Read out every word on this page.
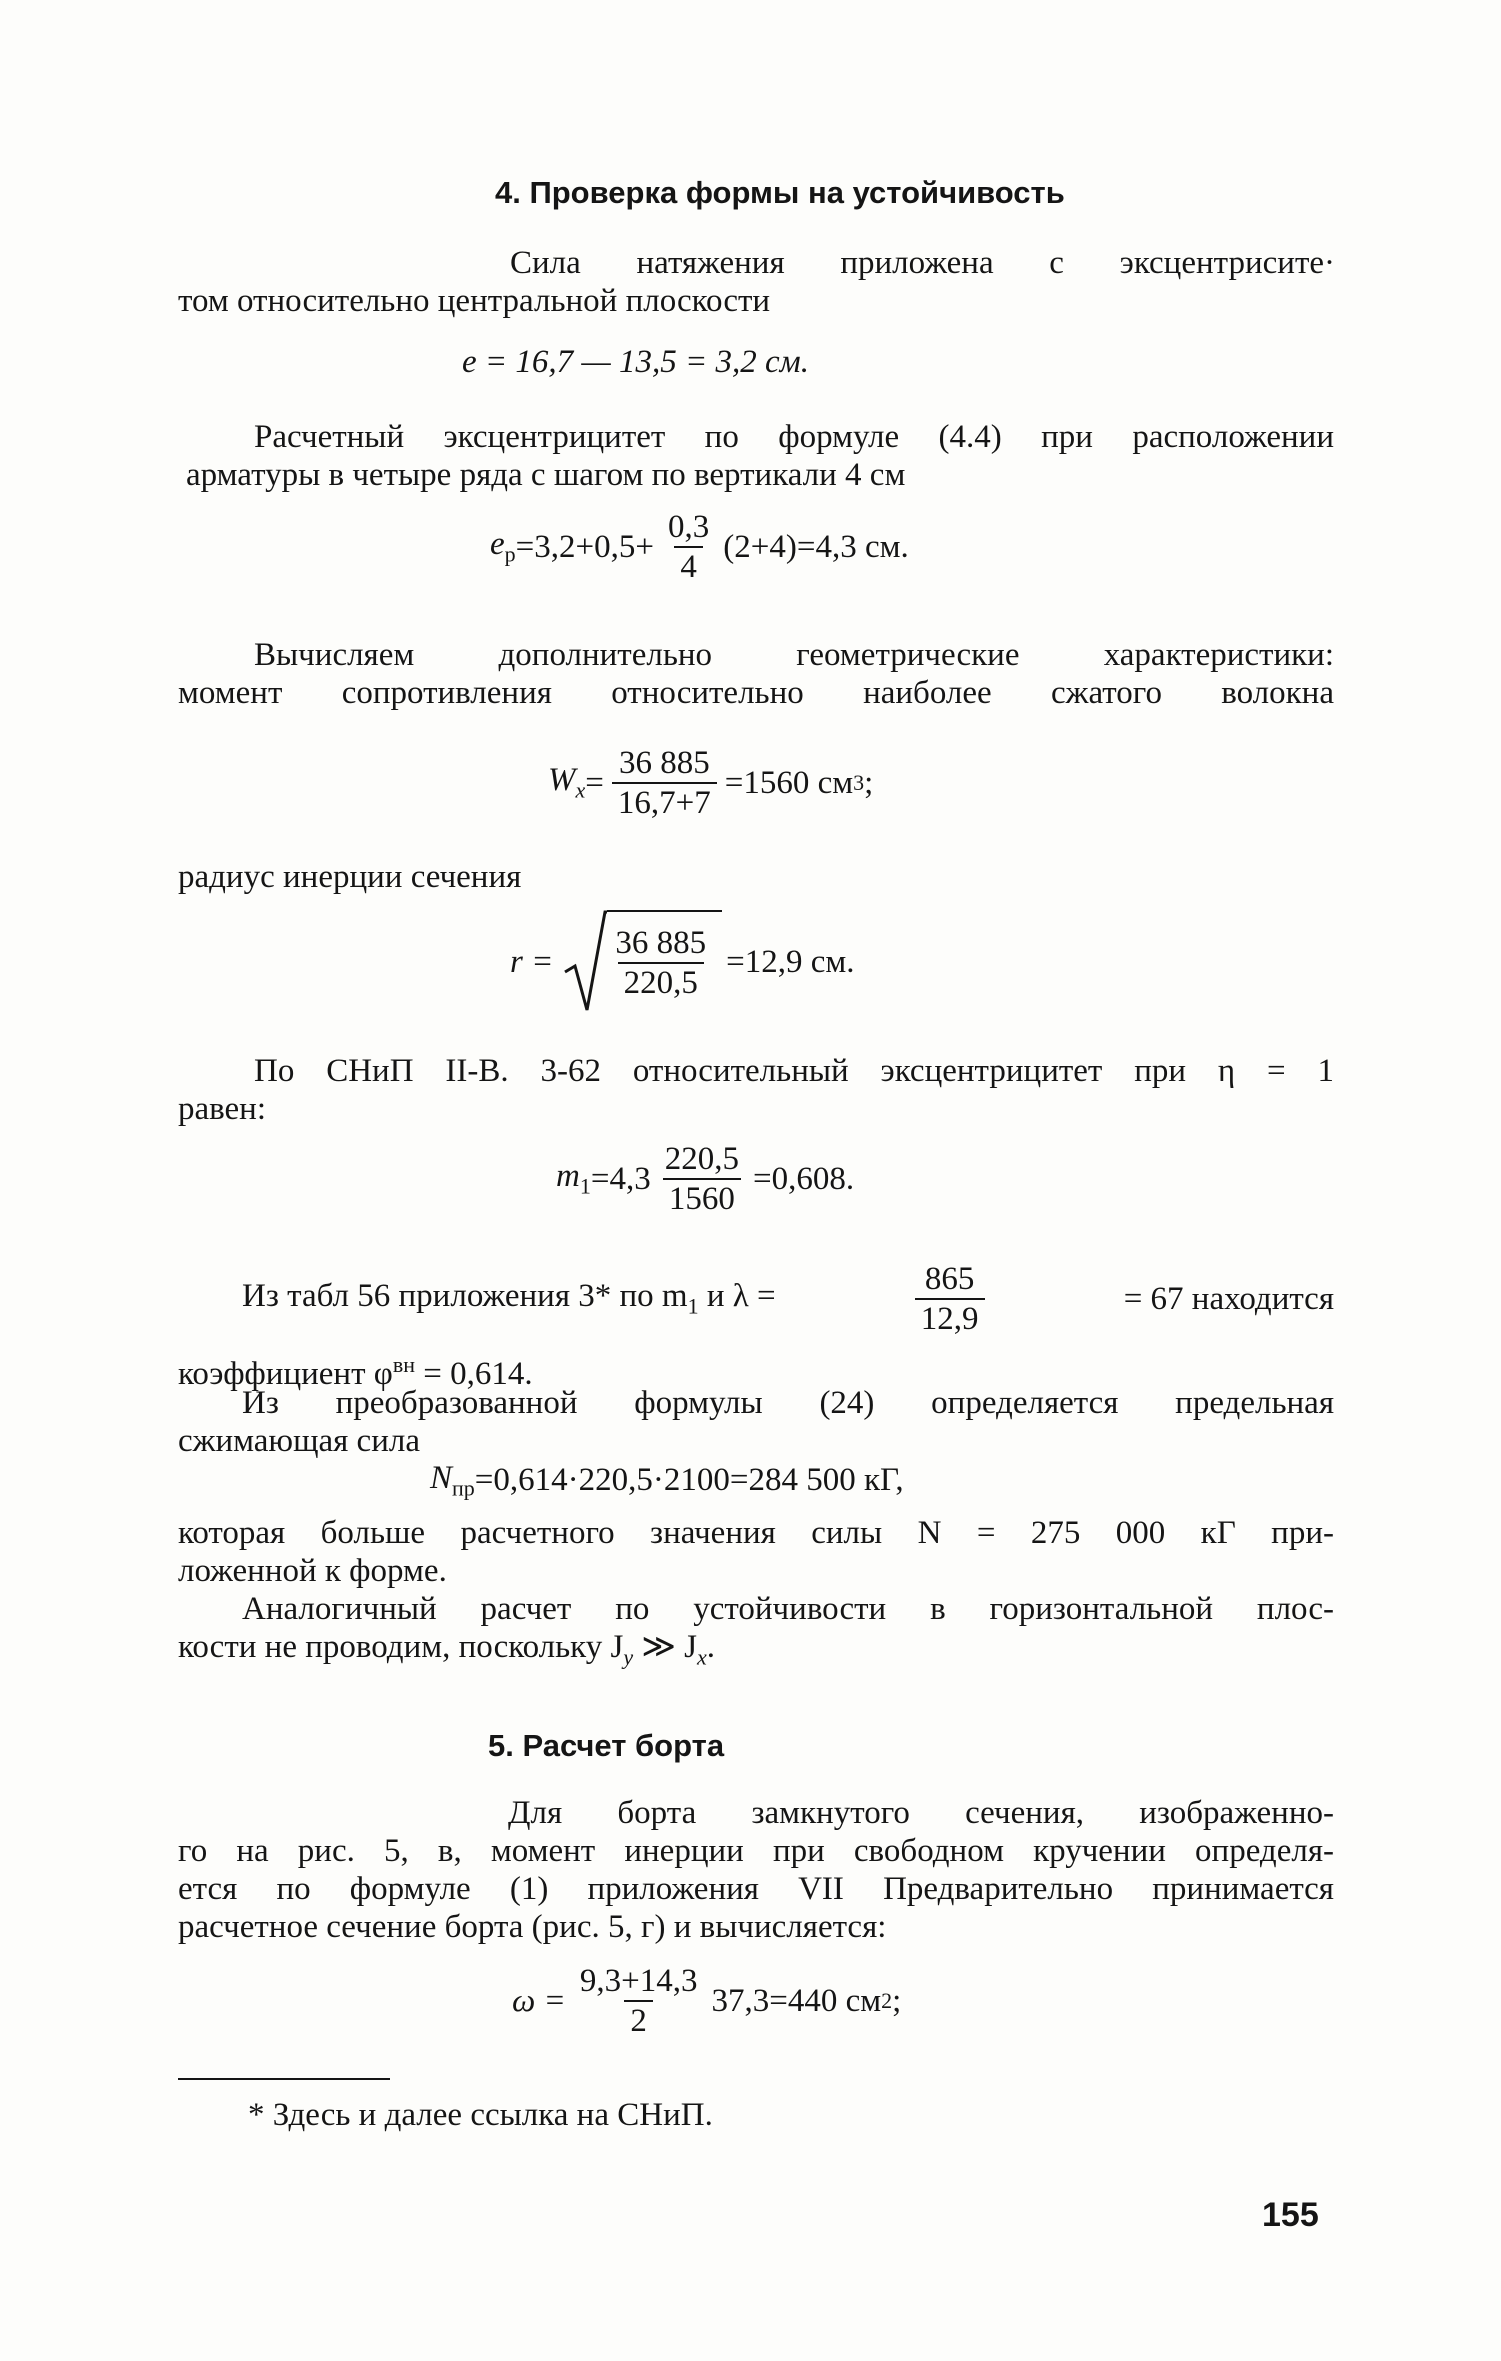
4. Проверка формы на устойчивость
Сила натяжения приложена с эксцентрисите·
том относительно центральной плоскости
e = 16,7 — 13,5 = 3,2 см.
Расчетный эксцентрицитет по формуле (4.4) при расположении
арматуры в четыре ряда с шагом по вертикали 4 см
$e_р =3,2+0,5+ \frac{0,3}{4} (2+4)=4,3$ см.
Вычисляем дополнительно геометрические характеристики:
момент сопротивления относительно наиболее сжатого волокна
$W_x = \frac{36 885}{16,7+7} =1560$ см 3 ;
радиус инерции сечения
$r = \frac{36 885}{220,5} =12,9$ см.
По СНиП II-В. 3-62 относительный эксцентрицитет при η = 1
равен:
$m_1 =4,3 \frac{220,5}{1560} =0,608$.
Из табл 56 приложения 3* по $m_1$ и λ =	$\frac{865}{12,9}$	= 67 находится
коэффициент $\varphi^{вн} = 0,614$.
Из преобразованной формулы (24) определяется предельная
сжимающая сила
$N_{пр} =0,614\cdot 220,5\cdot 2100=284$ 500 кГ,
которая больше расчетного значения силы N = 275 000 кГ при-
ложенной к форме.
Аналогичный расчет по устойчивости в горизонтальной плос-
кости не проводим, поскольку $J_y$ ≫ $J_x$.
5. Расчет борта
Для борта замкнутого сечения, изображенно-
го на рис. 5, в, момент инерции при свободном кручении определя-
ется по формуле (1) приложения VII Предварительно принимается
расчетное сечение борта (рис. 5, г) и вычисляется:
$\omega = \frac{9,3+14,3}{2} 37,3=440$ см 2 ;
* Здесь и далее ссылка на СНиП.
155
